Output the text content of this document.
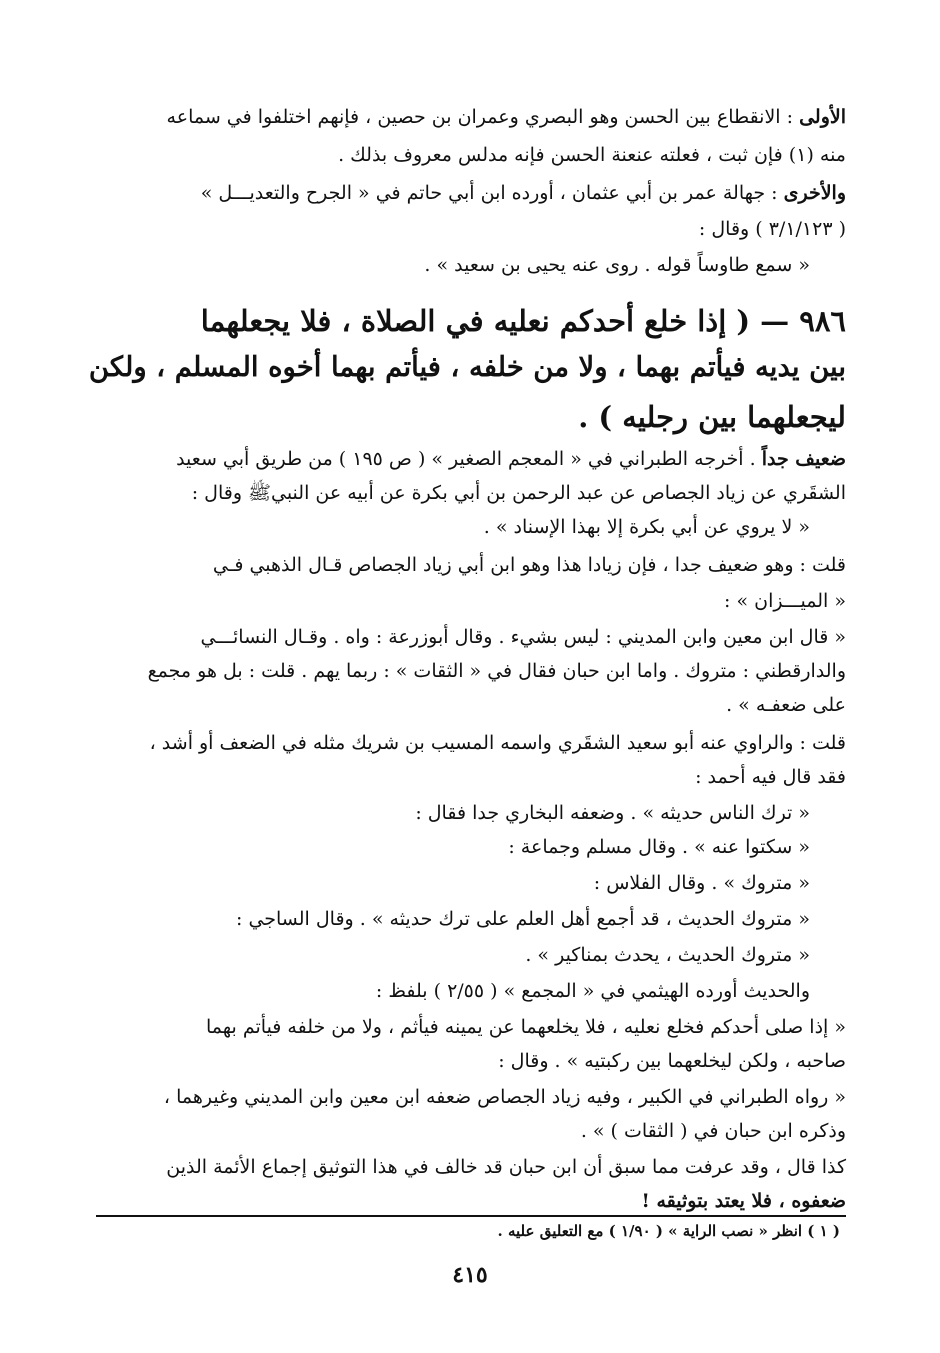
الأولى : الانقطاع بين الحسن وهو البصري وعمران بن حصين ، فإنهم اختلفوا في سماعه
منه (١) فإن ثبت ، فعلته عنعنة الحسن فإنه مدلس معروف بذلك .
والأخرى : جهالة عمر بن أبي عثمان ، أورده ابن أبي حاتم في « الجرح والتعديـــل »
( ٣/١/١٢٣ ) وقال :
« سمع طاوساً قوله . روى عنه يحيى بن سعيد » .
٩٨٦ — ( إذا خلع أحدكم نعليه في الصلاة ، فلا يجعلهما
بين يديه فيأتم بهما ، ولا من خلفه ، فيأتم بهما أخوه المسلم ، ولكن
ليجعلهما بين رجليه ) .
ضعيف جداً . أخرجه الطبراني في « المعجم الصغير » ( ص ١٩٥ ) من طريق أبي سعيد
الشقَري عن زياد الجصاص عن عبد الرحمن بن أبي بكرة عن أبيه عن النبيﷺ وقال :
« لا يروي عن أبي بكرة إلا بهذا الإسناد » .
قلت : وهو ضعيف جدا ، فإن زيادا هذا وهو ابن أبي زياد الجصاص قـال الذهبي فـي
« الميـــزان » :
« قال ابن معين وابن المديني : ليس بشيء . وقال أبوزرعة : واه . وقـال النسائـــي
والدارقطني : متروك . واما ابن حبان فقال في « الثقات » : ربما يهم . قلت : بل هو مجمع
على ضعفـه » .
قلت : والراوي عنه أبو سعيد الشقَري واسمه المسيب بن شريك مثله في الضعف أو أشد ،
فقد قال فيه أحمد :
« ترك الناس حديثه » . وضعفه البخاري جدا فقال :
« سكتوا عنه » . وقال مسلم وجماعة :
« متروك » . وقال الفلاس :
« متروك الحديث ، قد أجمع أهل العلم على ترك حديثه » . وقال الساجي :
« متروك الحديث ، يحدث بمناكير » .
والحديث أورده الهيثمي في « المجمع » ( ٢/٥٥ ) بلفظ :
« إذا صلى أحدكم فخلع نعليه ، فلا يخلعهما عن يمينه فيأثم ، ولا من خلفه فيأتم بهما
صاحبه ، ولكن ليخلعهما بين ركبتيه » . وقال :
« رواه الطبراني في الكبير ، وفيه زياد الجصاص ضعفه ابن معين وابن المديني وغيرهما ،
وذكره ابن حبان في ( الثقات ) » .
كذا قال ، وقد عرفت مما سبق أن ابن حبان قد خالف في هذا التوثيق إجماع الأئمة الذين
ضعفوه ، فلا يعتد بتوثيقه !
( ١ ) انظر « نصب الراية » ( ١/٩٠ ) مع التعليق عليه .
٤١٥
